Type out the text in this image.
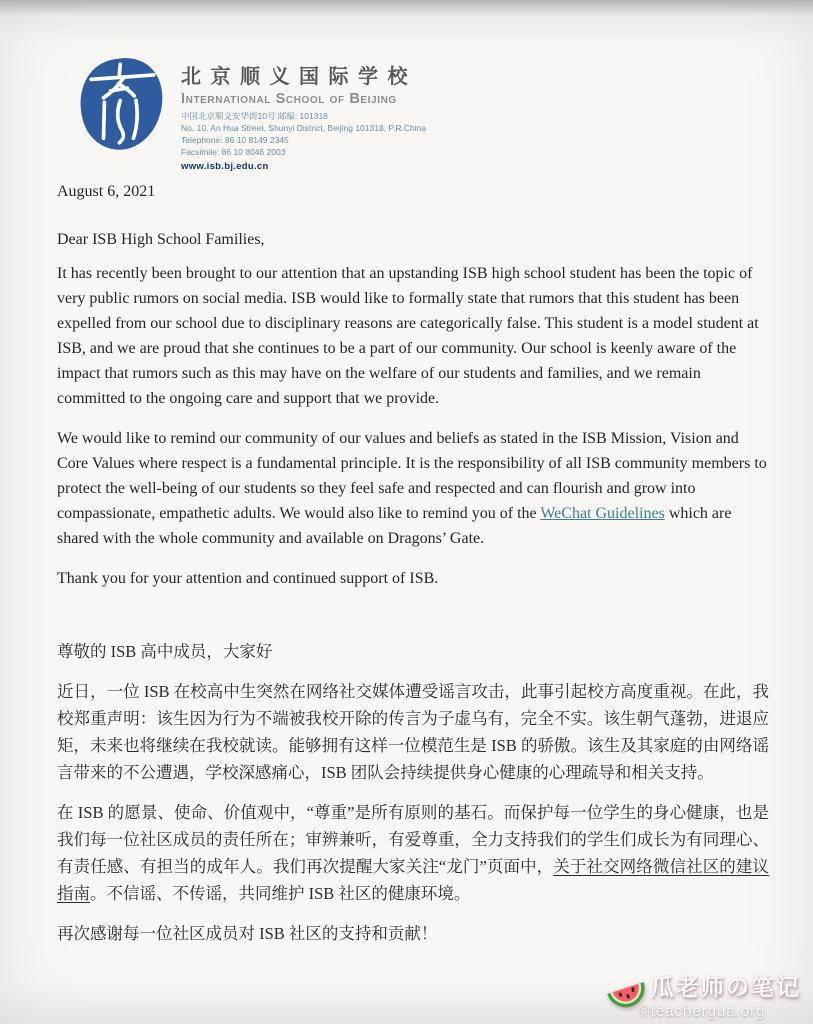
北京顺义国际学校
International School of Beijing
中国北京顺义安华街10号 邮编: 101318
No. 10, An Hua Street, Shunyi District, Beijing 101318, P.R.China
Telephone: 86 10 8149 2345
Facsimile: 86 10 8046 2003
www.isb.bj.edu.cn

August 6, 2021

Dear ISB High School Families,

It has recently been brought to our attention that an upstanding ISB high school student has been the topic of very public rumors on social media. ISB would like to formally state that rumors that this student has been expelled from our school due to disciplinary reasons are categorically false. This student is a model student at ISB, and we are proud that she continues to be a part of our community. Our school is keenly aware of the impact that rumors such as this may have on the welfare of our students and families, and we remain committed to the ongoing care and support that we provide.

We would like to remind our community of our values and beliefs as stated in the ISB Mission, Vision and Core Values where respect is a fundamental principle. It is the responsibility of all ISB community members to protect the well-being of our students so they feel safe and respected and can flourish and grow into compassionate, empathetic adults. We would also like to remind you of the WeChat Guidelines which are shared with the whole community and available on Dragons’ Gate.

Thank you for your attention and continued support of ISB.

尊敬的 ISB 高中成员，大家好

近日，一位 ISB 在校高中生突然在网络社交媒体遭受谣言攻击，此事引起校方高度重视。在此，我校郑重声明：该生因为行为不端被我校开除的传言为子虚乌有，完全不实。该生朝气蓬勃，进退应矩，未来也将继续在我校就读。能够拥有这样一位模范生是 ISB 的骄傲。该生及其家庭的由网络谣言带来的不公遭遇，学校深感痛心，ISB 团队会持续提供身心健康的心理疏导和相关支持。

在 ISB 的愿景、使命、价值观中，“尊重”是所有原则的基石。而保护每一位学生的身心健康，也是我们每一位社区成员的责任所在；审辨兼听，有爱尊重，全力支持我们的学生们成长为有同理心、有责任感、有担当的成年人。我们再次提醒大家关注“龙门”页面中，关于社交网络微信社区的建议指南。不信谣、不传谣，共同维护 ISB 社区的健康环境。

再次感谢每一位社区成员对 ISB 社区的支持和贡献！

瓜老师の笔记
©teachergua.org
